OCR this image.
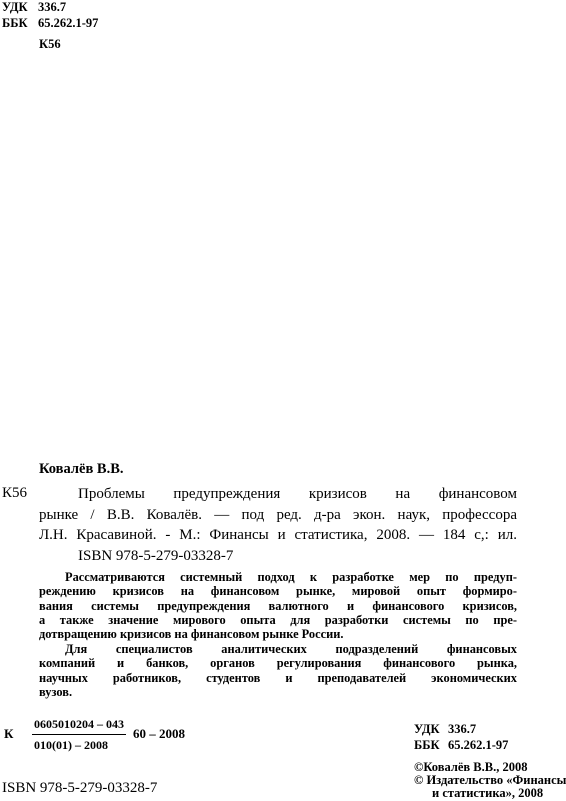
УДК 336.7
ББК 65.262.1-97
К56
Ковалёв В.В.
К56	Проблемы предупреждения кризисов на финансовом
рынке / В.В. Ковалёв. — под ред. д-ра экон. наук, профессора
Л.Н. Красавиной. - М.: Финансы и статистика, 2008. — 184 с,: ил.
ISBN 978-5-279-03328-7
Рассматриваются системный подход к разработке мер по предуп-
реждению кризисов на финансовом рынке, мировой опыт формиро-
вания системы предупреждения валютного и финансового кризисов,
а также значение мирового опыта для разработки системы по пре-
дотвращению кризисов на финансовом рынке России.
Для специалистов аналитических подразделений финансовых
компаний и банков, органов регулирования финансового рынка,
научных работников, студентов и преподавателей экономических
вузов.
К
0605010204 – 043
010(01) – 2008
60 – 2008	УДК 336.7
ББК 65.262.1-97
©Ковалёв В.В., 2008
© Издательство «Финансы
и статистика», 2008
ISBN 978-5-279-03328-7
